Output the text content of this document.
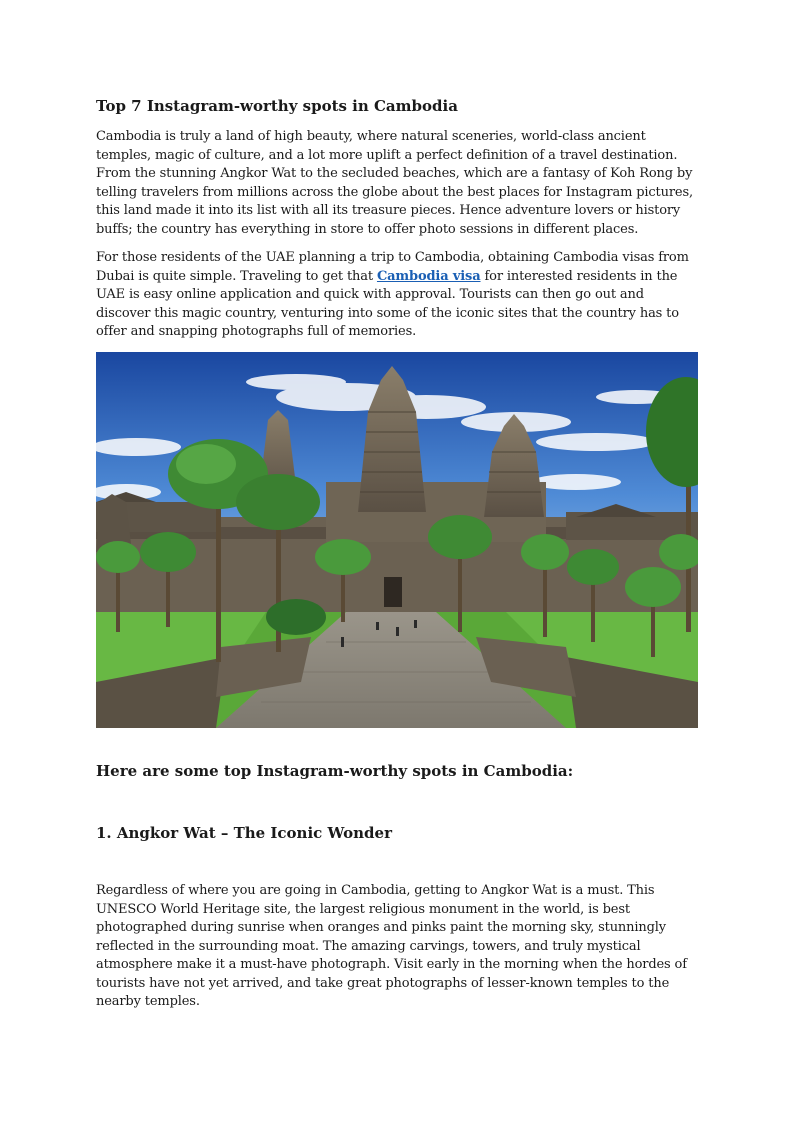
Top 7 Instagram-worthy spots in Cambodia

Cambodia is truly a land of high beauty, where natural sceneries, world-class ancient temples, magic of culture, and a lot more uplift a perfect definition of a travel destination. From the stunning Angkor Wat to the secluded beaches, which are a fantasy of Koh Rong by telling travelers from millions across the globe about the best places for Instagram pictures, this land made it into its list with all its treasure pieces. Hence adventure lovers or history buffs; the country has everything in store to offer photo sessions in different places.

For those residents of the UAE planning a trip to Cambodia, obtaining Cambodia visas from Dubai is quite simple. Traveling to get that Cambodia visa for interested residents in the UAE is easy online application and quick with approval. Tourists can then go out and discover this magic country, venturing into some of the iconic sites that the country has to offer and snapping photographs full of memories.

Here are some top Instagram-worthy spots in Cambodia:
1. Angkor Wat – The Iconic Wonder

Regardless of where you are going in Cambodia, getting to Angkor Wat is a must. This UNESCO World Heritage site, the largest religious monument in the world, is best photographed during sunrise when oranges and pinks paint the morning sky, stunningly reflected in the surrounding moat. The amazing carvings, towers, and truly mystical atmosphere make it a must-have photograph. Visit early in the morning when the hordes of tourists have not yet arrived, and take great photographs of lesser-known temples to the nearby temples.
